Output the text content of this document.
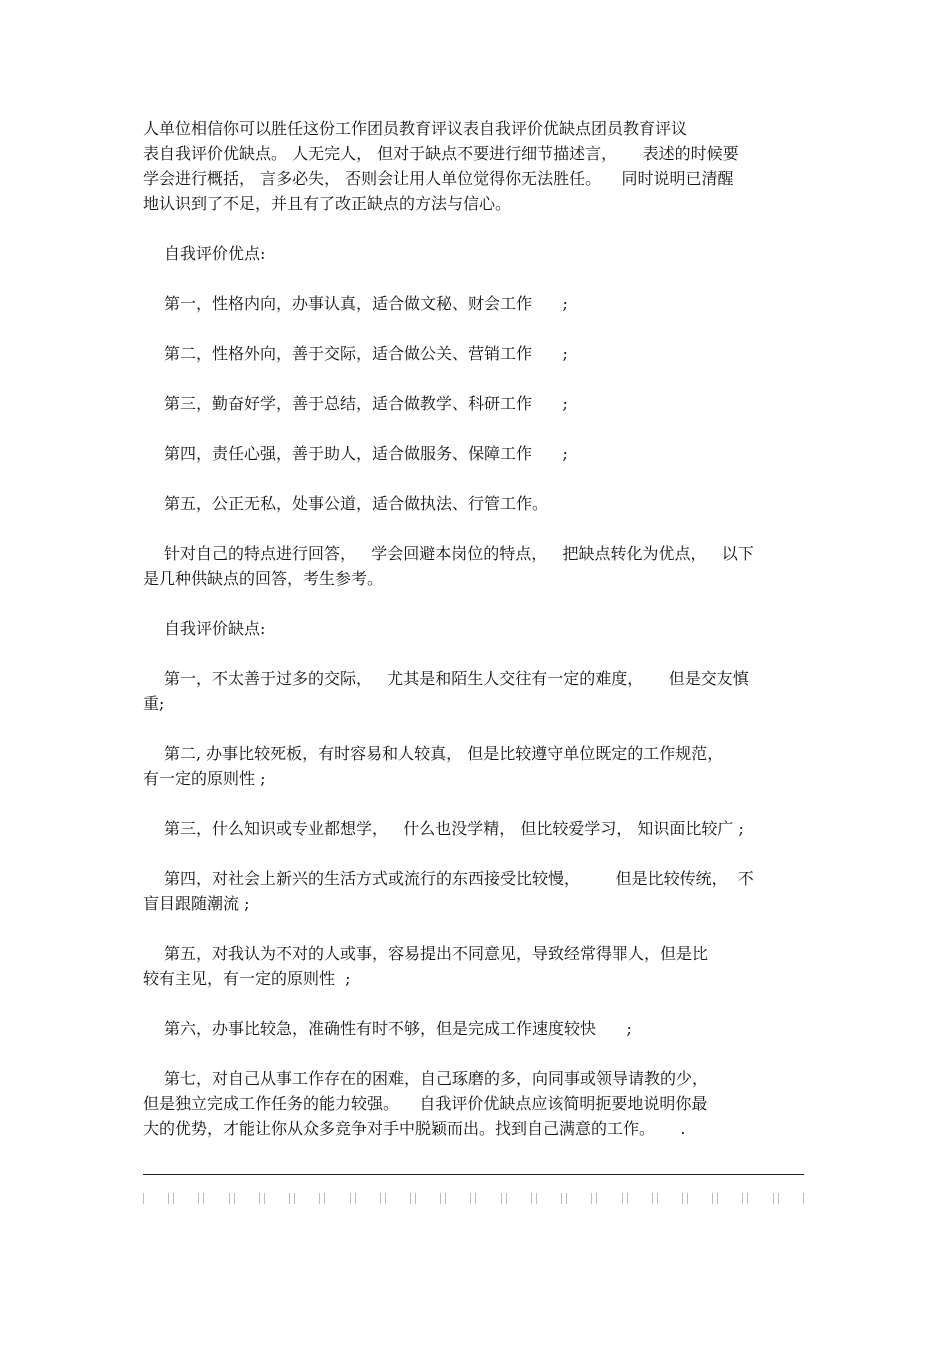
人单位相信你可以胜任这份工作团员教育评议表自我评价优缺点团员教育评议
表自我评价优缺点。 人无完人， 但对于缺点不要进行细节描述言，     表述的时候要
学会进行概括， 言多必失， 否则会让用人单位觉得你无法胜任。    同时说明已清醒
地认识到了不足，并且有了改正缺点的方法与信心。
自我评价优点:
第一，性格内向，办事认真，适合做文秘、财会工作      ;
第二，性格外向，善于交际，适合做公关、营销工作      ;
第三，勤奋好学，善于总结，适合做教学、科研工作      ;
第四，责任心强，善于助人，适合做服务、保障工作      ;
第五，公正无私，处事公道，适合做执法、行管工作。
针对自己的特点进行回答，   学会回避本岗位的特点，   把缺点转化为优点，   以下
是几种供缺点的回答，考生参考。
自我评价缺点:
第一，不太善于过多的交际，   尤其是和陌生人交往有一定的难度，     但是交友慎
重;
第二, 办事比较死板，有时容易和人较真， 但是比较遵守单位既定的工作规范，
有一定的原则性 ;
第三，什么知识或专业都想学，   什么也没学精， 但比较爱学习， 知识面比较广 ;
第四，对社会上新兴的生活方式或流行的东西接受比较慢，       但是比较传统，  不
盲目跟随潮流 ;
第五，对我认为不对的人或事，容易提出不同意见，导致经常得罪人，但是比
较有主见，有一定的原则性  ;
第六，办事比较急，准确性有时不够，但是完成工作速度较快      ;
第七，对自己从事工作存在的困难，自己琢磨的多，向同事或领导请教的少，
但是独立完成工作任务的能力较强。    自我评价优缺点应该简明扼要地说明你最
大的优势，才能让你从众多竞争对手中脱颖而出。找到自己满意的工作。     .
